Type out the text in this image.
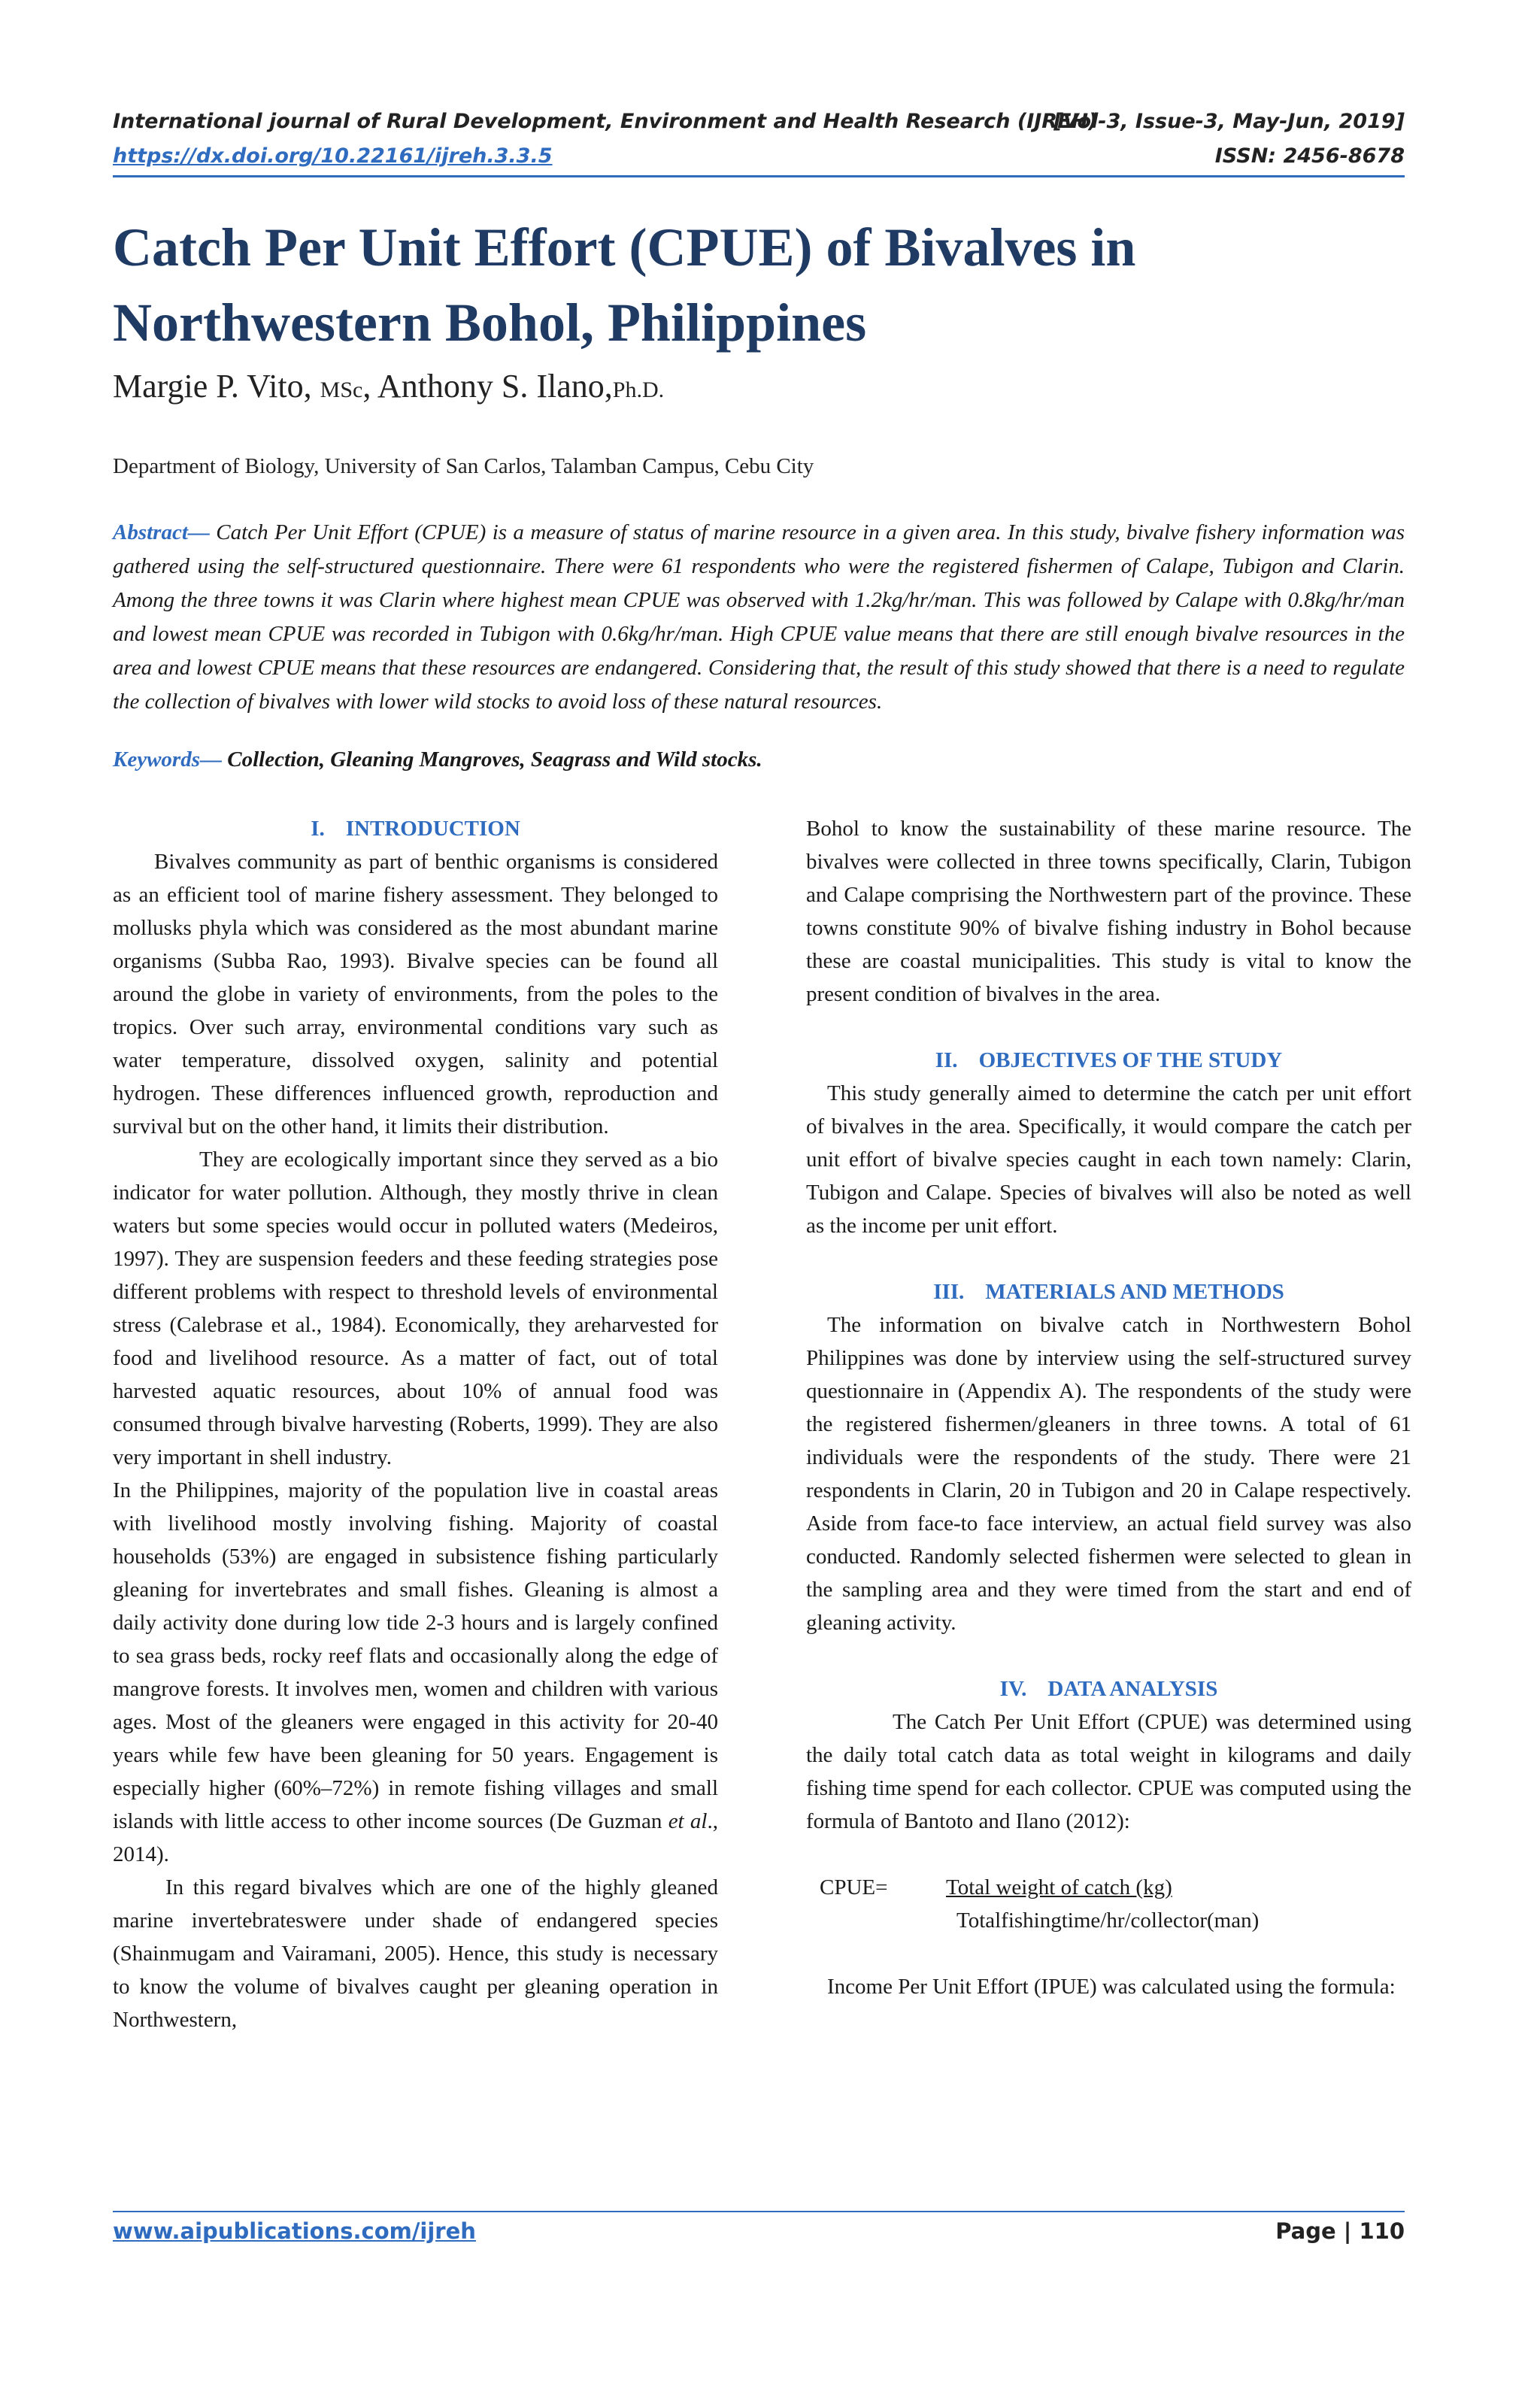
International journal of Rural Development, Environment and Health Research (IJREH)
[Vol-3, Issue-3, May-Jun, 2019]
https://dx.doi.org/10.22161/ijreh.3.3.5	ISSN: 2456-8678
Catch Per Unit Effort (CPUE) of Bivalves in
Northwestern Bohol, Philippines
Margie P. Vito, MSc, Anthony S. Ilano,Ph.D.
Department of Biology, University of San Carlos, Talamban Campus, Cebu City
Abstract— Catch Per Unit Effort (CPUE) is a measure of status of marine resource in a given area. In this study, bivalve fishery information was gathered using the self-structured questionnaire. There were 61 respondents who were the registered fishermen of Calape, Tubigon and Clarin. Among the three towns it was Clarin where highest mean CPUE was observed with 1.2kg/hr/man. This was followed by Calape with 0.8kg/hr/man and lowest mean CPUE was recorded in Tubigon with 0.6kg/hr/man. High CPUE value means that there are still enough bivalve resources in the area and lowest CPUE means that these resources are endangered. Considering that, the result of this study showed that there is a need to regulate the collection of bivalves with lower wild stocks to avoid loss of these natural resources.
Keywords— Collection, Gleaning Mangroves, Seagrass and Wild stocks.
I. INTRODUCTION

Bivalves community as part of benthic organisms is considered as an efficient tool of marine fishery assessment. They belonged to mollusks phyla which was considered as the most abundant marine organisms (Subba Rao, 1993). Bivalve species can be found all around the globe in variety of environments, from the poles to the tropics. Over such array, environmental conditions vary such as water temperature, dissolved oxygen, salinity and potential hydrogen. These differences influenced growth, reproduction and survival but on the other hand, it limits their distribution.

They are ecologically important since they served as a bio indicator for water pollution. Although, they mostly thrive in clean waters but some species would occur in polluted waters (Medeiros, 1997). They are suspension feeders and these feeding strategies pose different problems with respect to threshold levels of environmental stress (Calebrase et al., 1984). Economically, they areharvested for food and livelihood resource. As a matter of fact, out of total harvested aquatic resources, about 10% of annual food was consumed through bivalve harvesting (Roberts, 1999). They are also very important in shell industry.

In the Philippines, majority of the population live in coastal areas with livelihood mostly involving fishing. Majority of coastal households (53%) are engaged in subsistence fishing particularly gleaning for invertebrates and small fishes. Gleaning is almost a daily activity done during low tide 2-3 hours and is largely confined to sea grass beds, rocky reef flats and occasionally along the edge of mangrove forests. It involves men, women and children with various ages. Most of the gleaners were engaged in this activity for 20-40 years while few have been gleaning for 50 years. Engagement is especially higher (60%–72%) in remote fishing villages and small islands with little access to other income sources (De Guzman et al., 2014).

In this regard bivalves which are one of the highly gleaned marine invertebrateswere under shade of endangered species (Shainmugam and Vairamani, 2005). Hence, this study is necessary to know the volume of bivalves caught per gleaning operation in Northwestern,

Bohol to know the sustainability of these marine resource. The bivalves were collected in three towns specifically, Clarin, Tubigon and Calape comprising the Northwestern part of the province. These towns constitute 90% of bivalve fishing industry in Bohol because these are coastal municipalities. This study is vital to know the present condition of bivalves in the area.

II. OBJECTIVES OF THE STUDY

This study generally aimed to determine the catch per unit effort of bivalves in the area. Specifically, it would compare the catch per unit effort of bivalve species caught in each town namely: Clarin, Tubigon and Calape. Species of bivalves will also be noted as well as the income per unit effort.

III. MATERIALS AND METHODS

The information on bivalve catch in Northwestern Bohol Philippines was done by interview using the self-structured survey questionnaire in (Appendix A). The respondents of the study were the registered fishermen/gleaners in three towns. A total of 61 individuals were the respondents of the study. There were 21 respondents in Clarin, 20 in Tubigon and 20 in Calape respectively. Aside from face-to face interview, an actual field survey was also conducted. Randomly selected fishermen were selected to glean in the sampling area and they were timed from the start and end of gleaning activity.

IV. DATA ANALYSIS

The Catch Per Unit Effort (CPUE) was determined using the daily total catch data as total weight in kilograms and daily fishing time spend for each collector. CPUE was computed using the formula of Bantoto and Ilano (2012):

CPUE=	Total weight of catch (kg)
Totalfishingtime/hr/collector(man)

Income Per Unit Effort (IPUE) was calculated using the formula:

www.aipublications.com/ijreh	Page | 110
